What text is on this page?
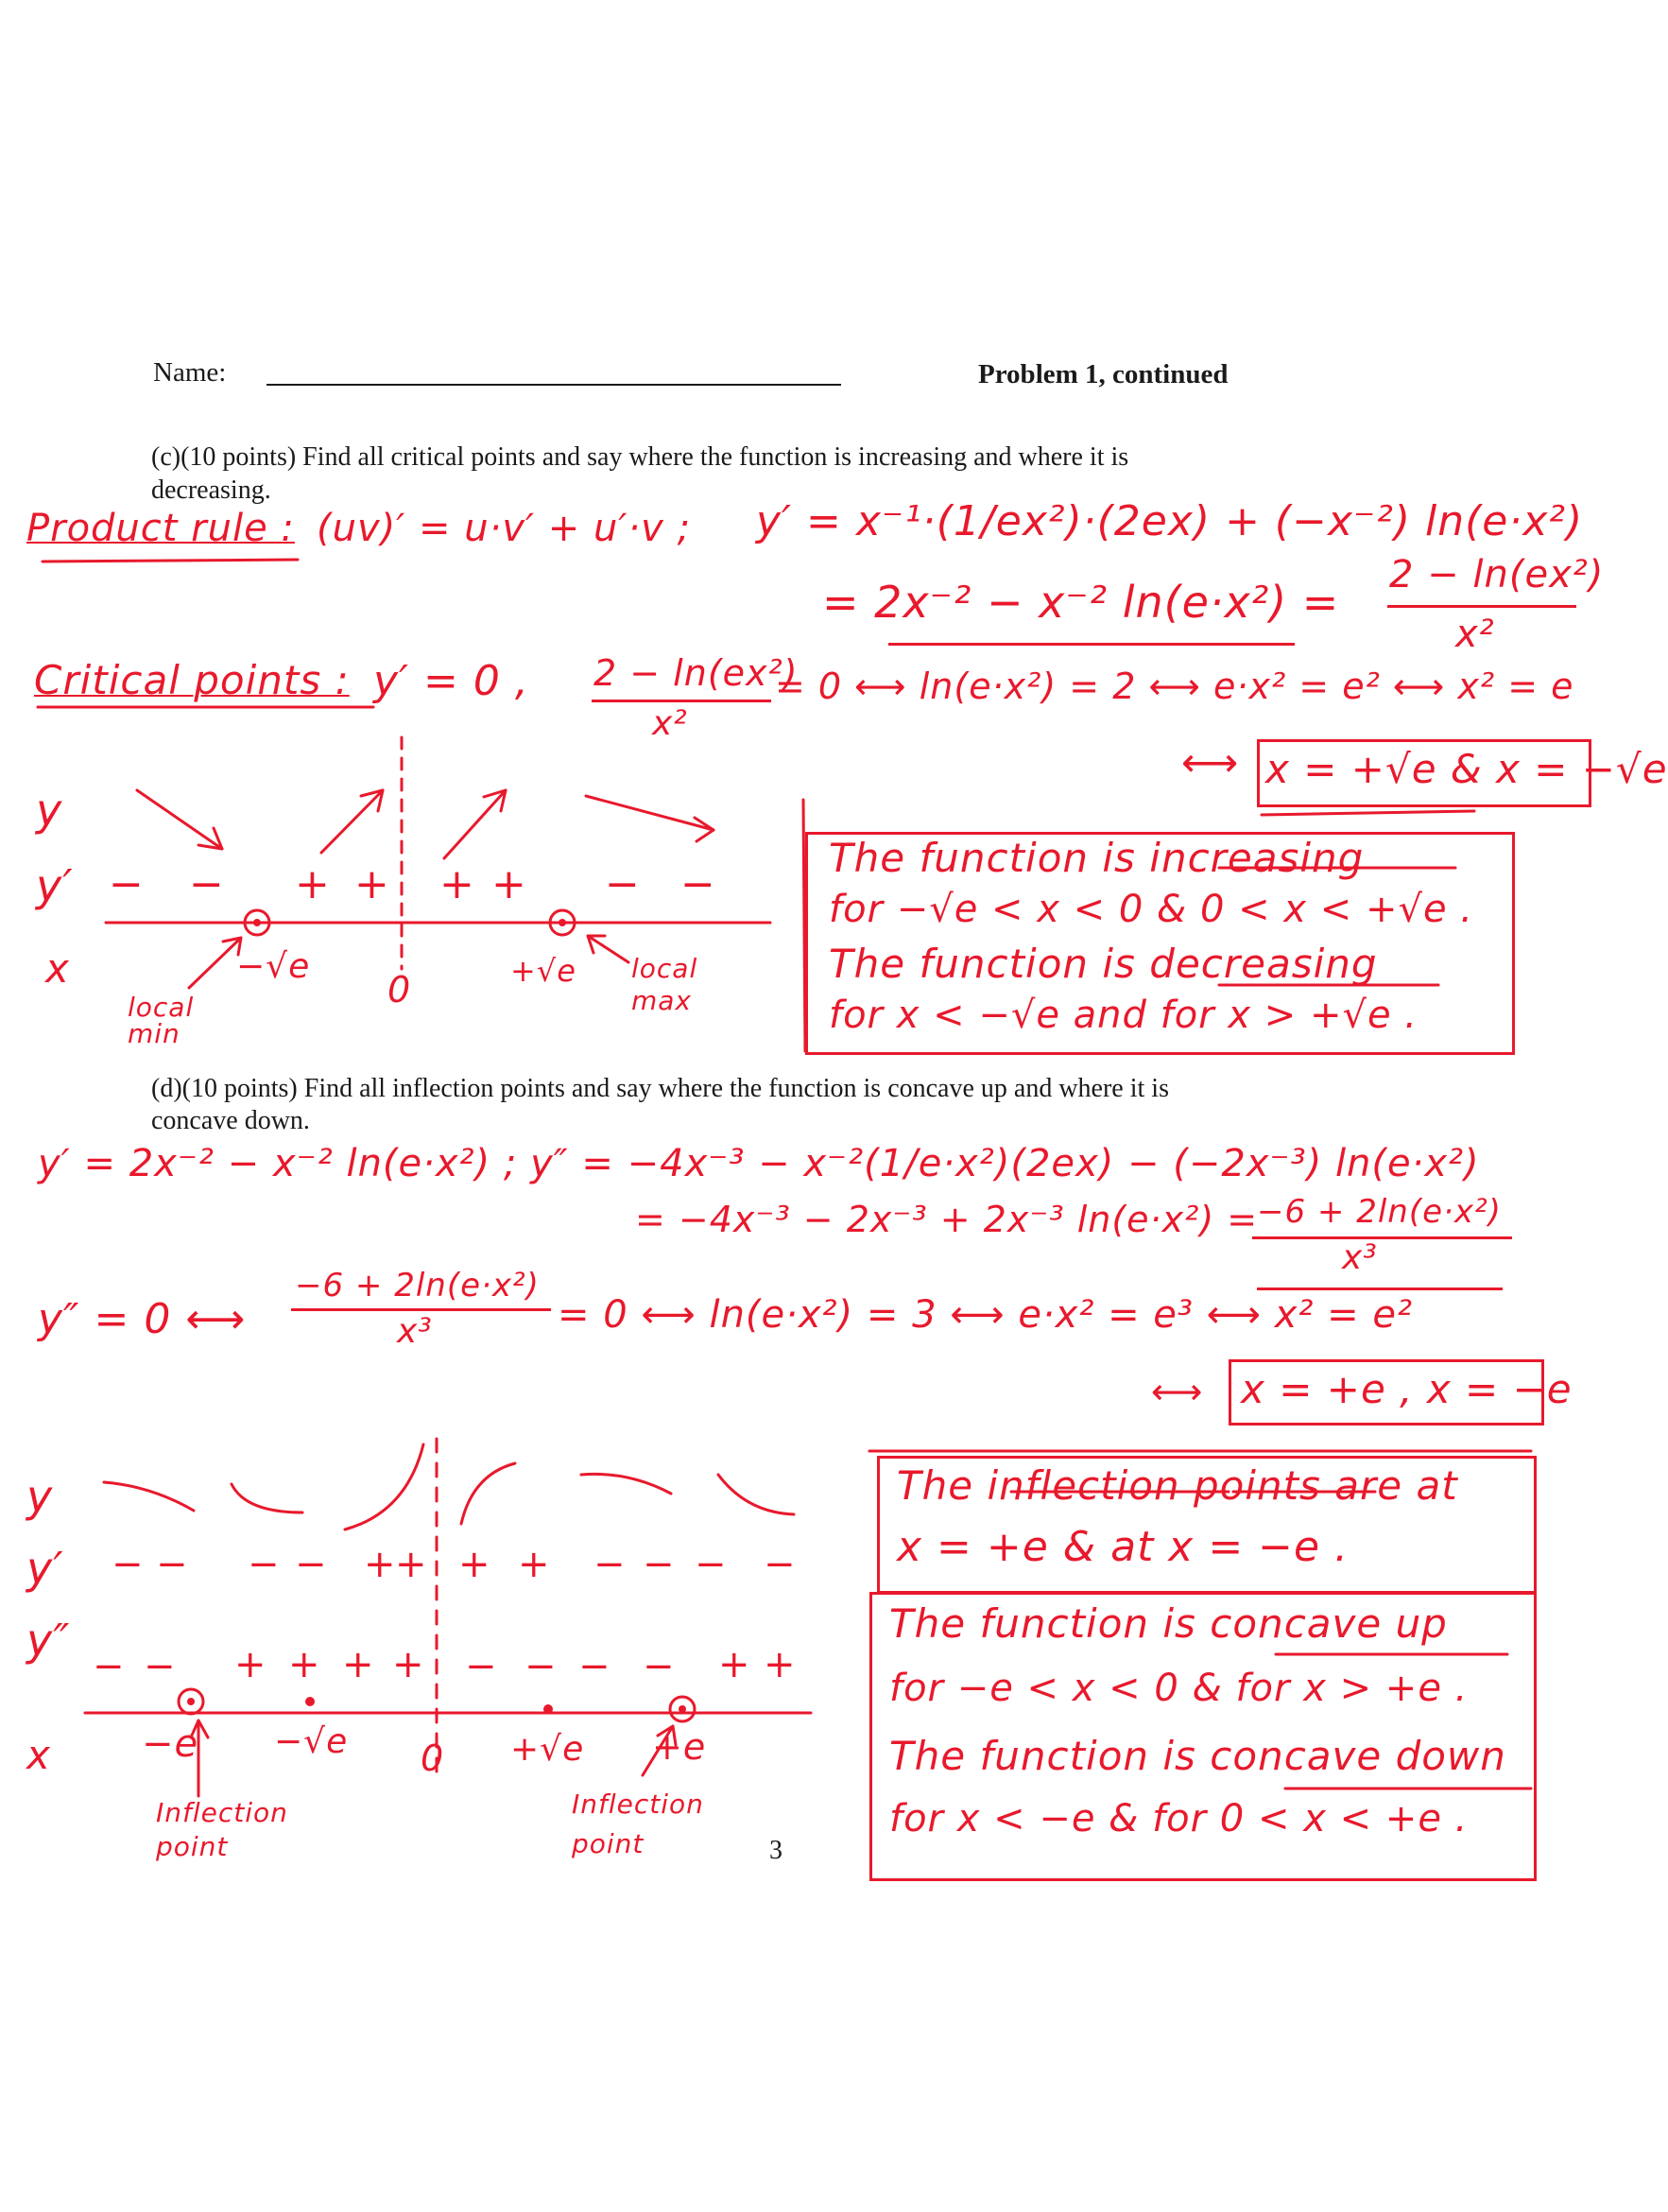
Name:	Problem 1, continued
(c)(10 points) Find all critical points and say where the function is increasing and where it is
decreasing.
Product rule : (uv)′ = u·v′ + u′·v ; y′ = x⁻¹·(1/ex²)·(2ex) + (−x⁻²) ln(e·x²)
= 2x⁻² − x⁻² ln(e·x²) =
2 − ln(ex²)
x²
Critical points : y′ = 0 , 2 − ln(ex²)
x²
= 0 ⟷ ln(e·x²) = 2 ⟷ e·x² = e² ⟷ x² = e
⟷ x = +√e & x = −√e
y
y′
x
− − + + + + − −
−√e
0	+√e
local min
local max
The function is increasing
for −√e < x < 0 & 0 < x < +√e .
The function is decreasing
for x < −√e and for x > +√e .
(d)(10 points) Find all inflection points and say where the function is concave up and where it is
concave down.
y′ = 2x⁻² − x⁻² ln(e·x²) ; y″ = −4x⁻³ − x⁻²(1/e·x²)(2ex) − (−2x⁻³) ln(e·x²)
= −4x⁻³ − 2x⁻³ + 2x⁻³ ln(e·x²) =
−6 + 2ln(e·x²)
x³
y″ = 0 ⟷
−6 + 2ln(e·x²)
x³	= 0 ⟷ ln(e·x²) = 3 ⟷ e·x² = e³ ⟷ x² = e²
⟷ x = +e , x = −e
y
y′
y″
x
− − − − +
+ + + − − − −
− − + + + + − − − − + +
−e −√e 0 +√e +e
Inflection point
Inflection point
The inflection points are at
x = +e & at x = −e .
The function is concave up
for −e < x < 0 & for x > +e .
The function is concave down
for x < −e & for 0 < x < +e .
3
